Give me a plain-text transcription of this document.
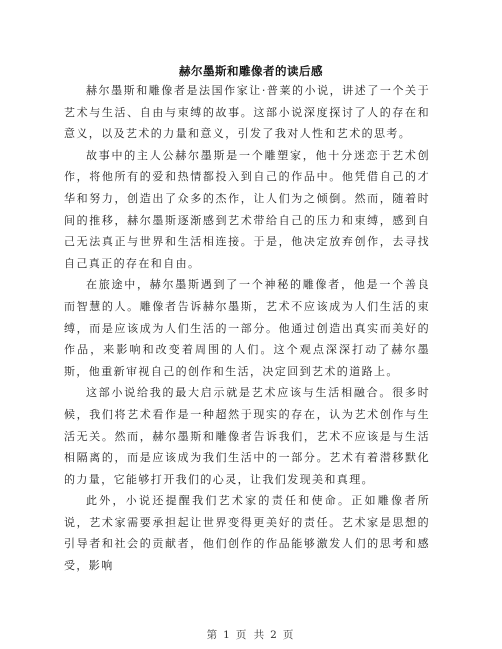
赫尔墨斯和雕像者的读后感

赫尔墨斯和雕像者是法国作家让·普莱的小说，讲述了一个关于艺术与生活、自由与束缚的故事。这部小说深度探讨了人的存在和意义，以及艺术的力量和意义，引发了我对人性和艺术的思考。

故事中的主人公赫尔墨斯是一个雕塑家，他十分迷恋于艺术创作，将他所有的爱和热情都投入到自己的作品中。他凭借自己的才华和努力，创造出了众多的杰作，让人们为之倾倒。然而，随着时间的推移，赫尔墨斯逐渐感到艺术带给自己的压力和束缚，感到自己无法真正与世界和生活相连接。于是，他决定放弃创作，去寻找自己真正的存在和自由。

在旅途中，赫尔墨斯遇到了一个神秘的雕像者，他是一个善良而智慧的人。雕像者告诉赫尔墨斯，艺术不应该成为人们生活的束缚，而是应该成为人们生活的一部分。他通过创造出真实而美好的作品，来影响和改变着周围的人们。这个观点深深打动了赫尔墨斯，他重新审视自己的创作和生活，决定回到艺术的道路上。

这部小说给我的最大启示就是艺术应该与生活相融合。很多时候，我们将艺术看作是一种超然于现实的存在，认为艺术创作与生活无关。然而，赫尔墨斯和雕像者告诉我们，艺术不应该是与生活相隔离的，而是应该成为我们生活中的一部分。艺术有着潜移默化的力量，它能够打开我们的心灵，让我们发现美和真理。

此外，小说还提醒我们艺术家的责任和使命。正如雕像者所说，艺术家需要承担起让世界变得更美好的责任。艺术家是思想的引导者和社会的贡献者，他们创作的作品能够激发人们的思考和感受，影响

第 1 页 共 2 页
